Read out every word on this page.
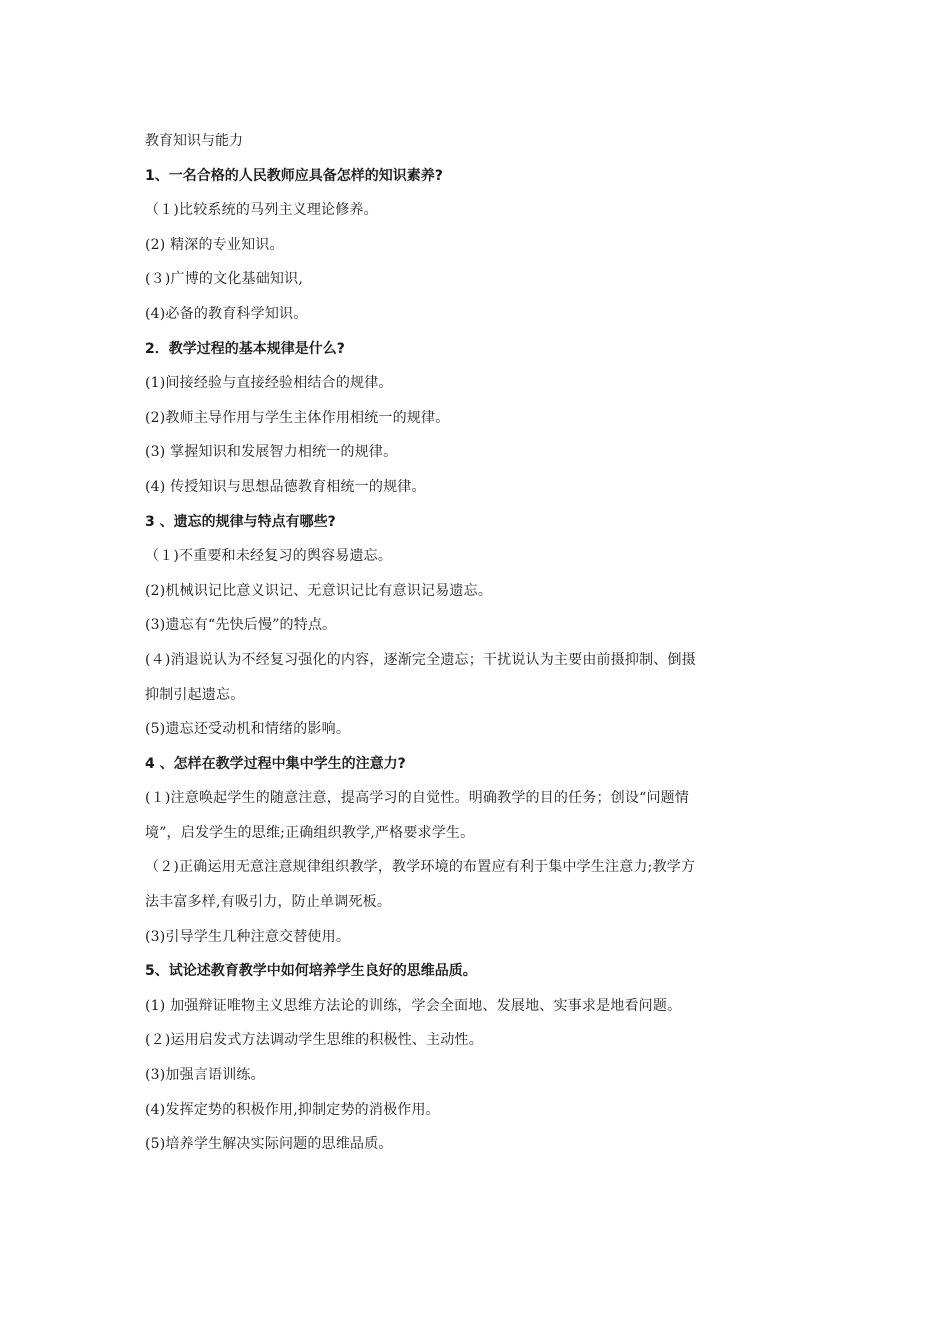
教育知识与能力

1、一名合格的人民教师应具备怎样的知识素养?

（１)比较系统的马列主义理论修养。

(2) 精深的专业知识。

(３)广博的文化基础知识,

(4)必备的教育科学知识。

2．教学过程的基本规律是什么?

(1)间接经验与直接经验相结合的规律。

(2)教师主导作用与学生主体作用相统一的规律。

(3) 掌握知识和发展智力相统一的规律。

(4) 传授知识与思想品德教育相统一的规律。

3 、遗忘的规律与特点有哪些?

（１)不重要和未经复习的舆容易遗忘。

(2)机械识记比意义识记、无意识记比有意识记易遗忘。

(3)遗忘有“先快后慢”的特点。

(４)消退说认为不经复习强化的内容，逐渐完全遗忘；干扰说认为主要由前摄抑制、倒摄

抑制引起遗忘。

(5)遗忘还受动机和情绪的影响。

4 、怎样在教学过程中集中学生的注意力?

(１)注意唤起学生的随意注意，提高学习的自觉性。明确教学的目的任务；创设“问题情

境”，启发学生的思维;正确组织教学,严格要求学生。

（２)正确运用无意注意规律组织教学，教学环境的布置应有利于集中学生注意力;教学方

法丰富多样,有吸引力，防止单调死板。

(3)引导学生几种注意交替使用。

5、试论述教育教学中如何培养学生良好的思维品质。

(1) 加强辩证唯物主义思维方法论的训练，学会全面地、发展地、实事求是地看问题。

(２)运用启发式方法调动学生思维的积极性、主动性。

(3)加强言语训练。

(4)发挥定势的积极作用,抑制定势的消极作用。

(5)培养学生解决实际问题的思维品质。
